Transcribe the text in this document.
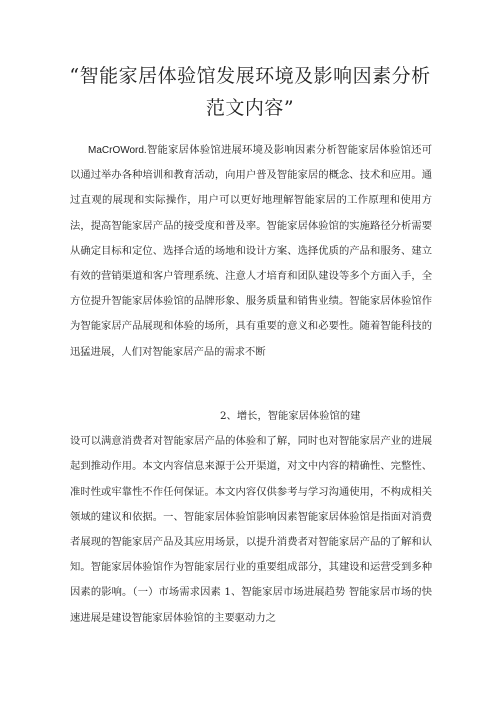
“智能家居体验馆发展环境及影响因素分析
范文内容”
MaCrOWord.智能家居体验馆进展环境及影响因素分析智能家居体验馆还可以通过举办各种培训和教育活动，向用户普及智能家居的概念、技术和应用。通过直观的展现和实际操作，用户可以更好地理解智能家居的工作原理和使用方法，提高智能家居产品的接受度和普及率。智能家居体验馆的实施路径分析需要从确定目标和定位、选择合适的场地和设计方案、选择优质的产品和服务、建立有效的营销渠道和客户管理系统、注意人才培育和团队建设等多个方面入手，全方位提升智能家居体验馆的品牌形象、服务质量和销售业绩。智能家居体验馆作为智能家居产品展现和体验的场所，具有重要的意义和必要性。随着智能科技的迅猛进展，人们对智能家居产品的需求不断
2、增长，智能家居体验馆的建
设可以满意消费者对智能家居产品的体验和了解，同时也对智能家居产业的进展起到推动作用。本文内容信息来源于公开渠道，对文中内容的精确性、完整性、准时性或牢靠性不作任何保证。本文内容仅供参考与学习沟通使用，不构成相关领域的建议和依据。一、智能家居体验馆影响因素智能家居体验馆是指面对消费者展现的智能家居产品及其应用场景，以提升消费者对智能家居产品的了解和认知。智能家居体验馆作为智能家居行业的重要组成部分，其建设和运营受到多种因素的影响。（一）市场需求因素 1、智能家居市场进展趋势 智能家居市场的快速进展是建设智能家居体验馆的主要驱动力之
